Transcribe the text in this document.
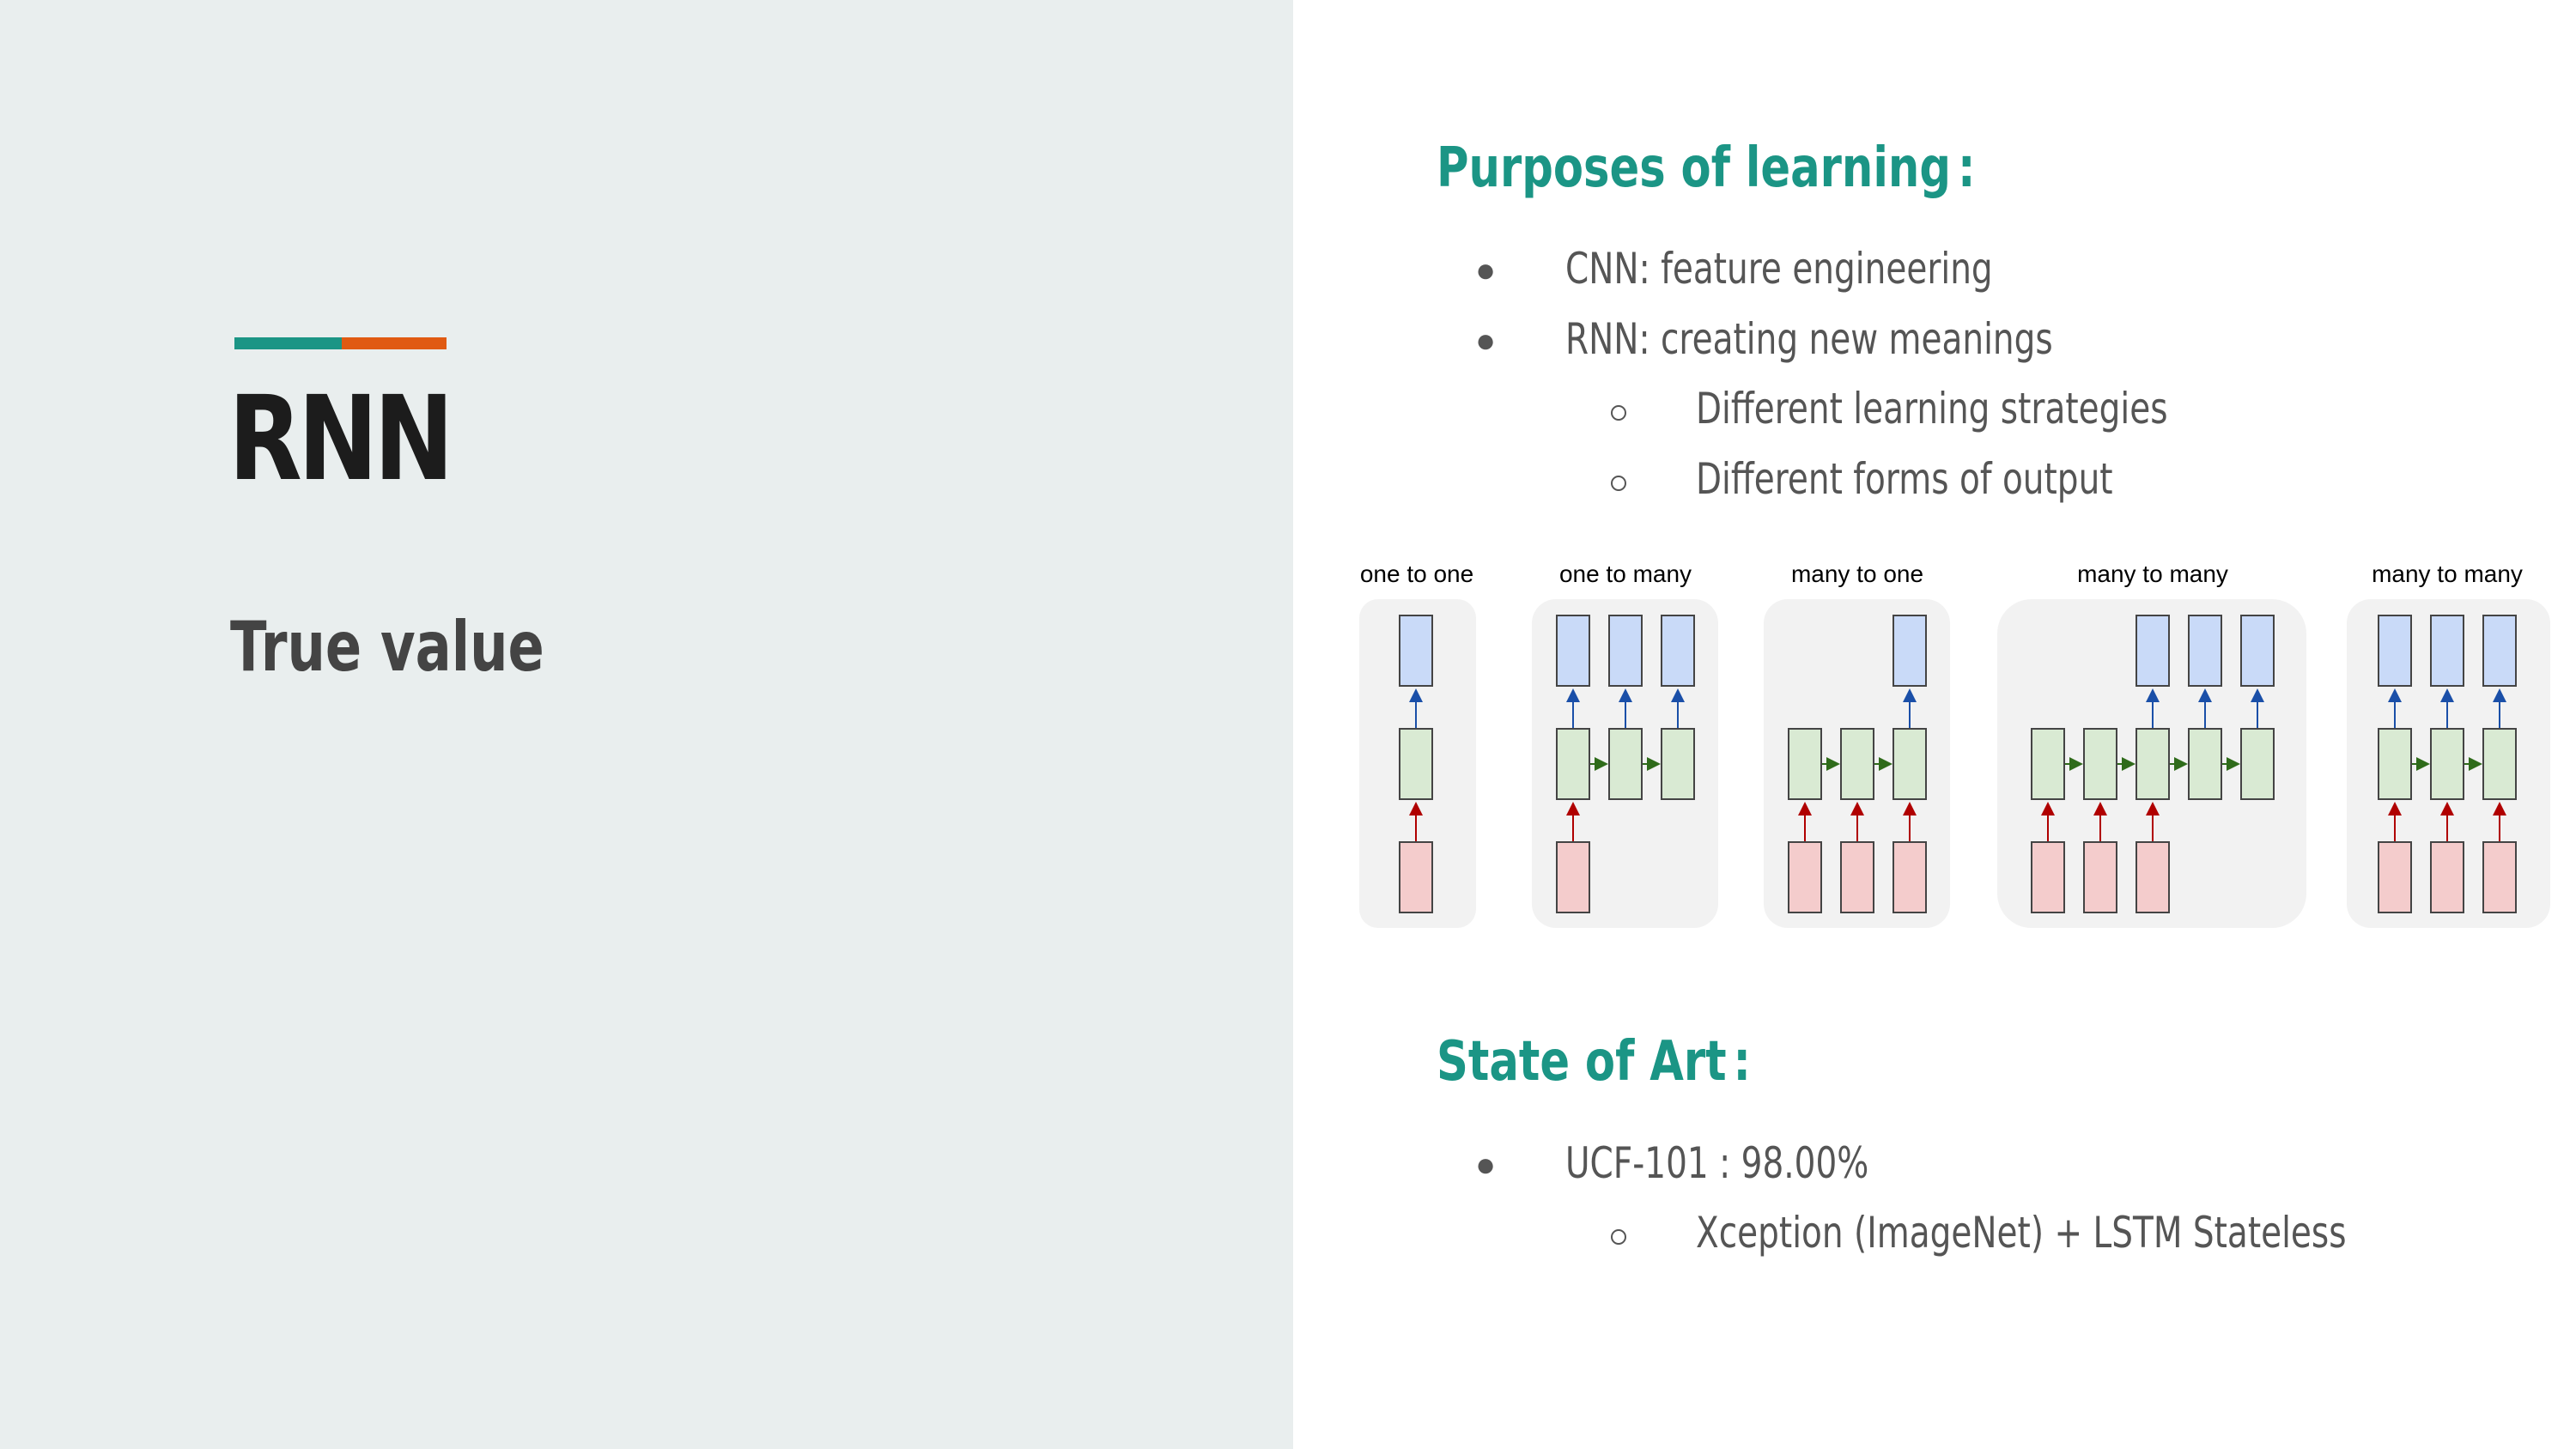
RNN
True value
Purposes of learning :
● CNN: feature engineering
● RNN: creating new meanings
Different learning strategies
Different forms of output
one to one	one to many	many to one	many to many	many to many
State of Art :
● UCF-101 : 98.00%
Xception (ImageNet) + LSTM Stateless
